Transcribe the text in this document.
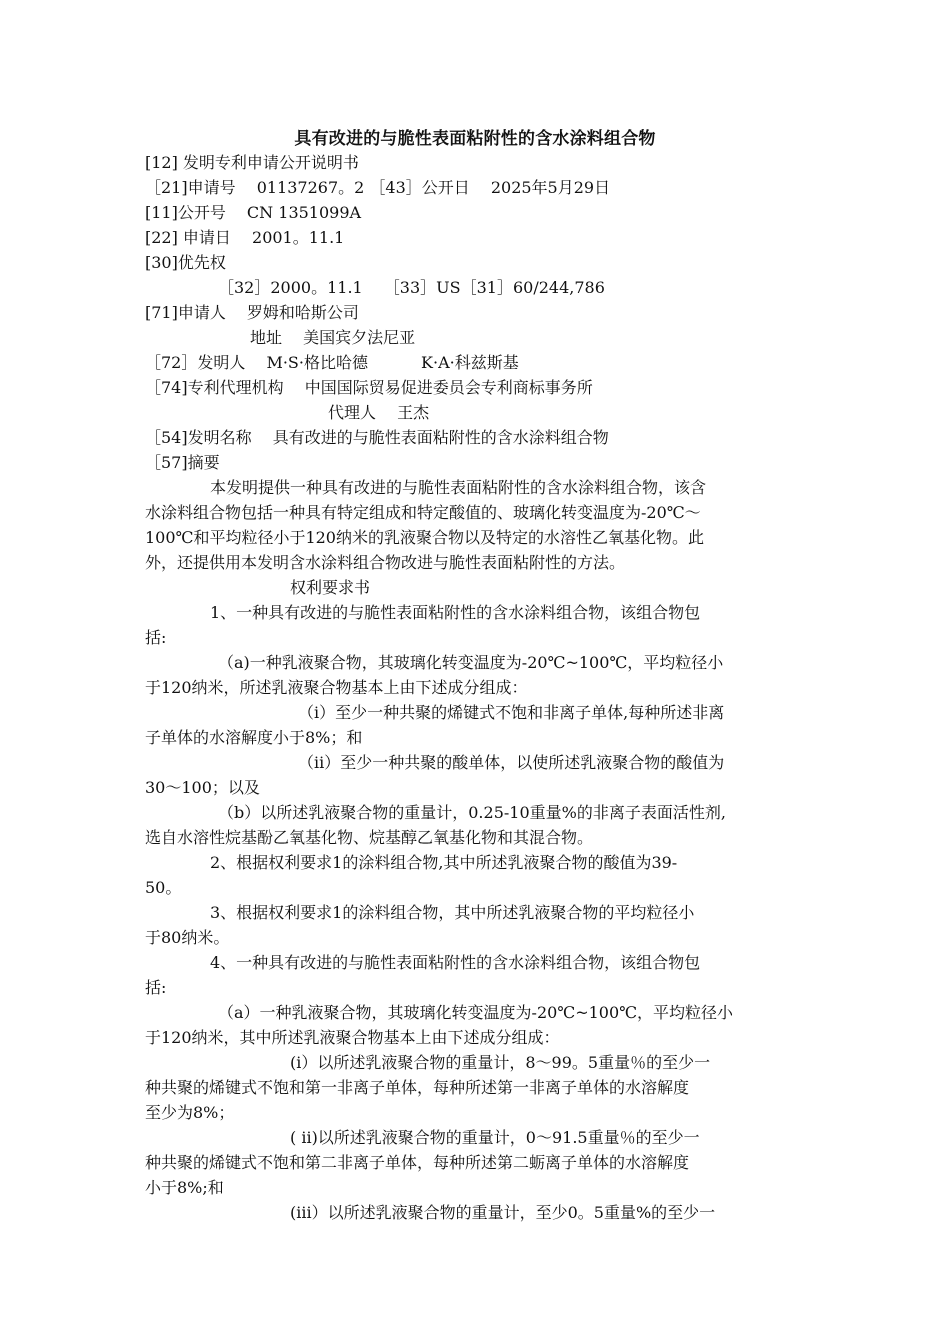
具有改进的与脆性表面粘附性的含水涂料组合物
[12] 发明专利申请公开说明书
［21]申请号　 01137267。2 ［43］公开日　 2025年5月29日
[11]公开号　 CN 1351099A
[22] 申请日　 2001。11.1
[30]优先权
［32］2000。11.1　 ［33］US［31］60/244,786
[71]申请人　 罗姆和哈斯公司
地址　 美国宾夕法尼亚
［72］发明人　 M·S·格比哈德　　　 K·A·科兹斯基
［74]专利代理机构　 中国国际贸易促进委员会专利商标事务所
代理人　 王杰
［54]发明名称　 具有改进的与脆性表面粘附性的含水涂料组合物
［57]摘要
本发明提供一种具有改进的与脆性表面粘附性的含水涂料组合物，该含
水涂料组合物包括一种具有特定组成和特定酸值的、玻璃化转变温度为-20℃～
100℃和平均粒径小于120纳米的乳液聚合物以及特定的水溶性乙氧基化物。此
外，还提供用本发明含水涂料组合物改进与脆性表面粘附性的方法。
权利要求书
1、一种具有改进的与脆性表面粘附性的含水涂料组合物，该组合物包
括:
（a)一种乳液聚合物，其玻璃化转变温度为-20℃~100℃，平均粒径小
于120纳米，所述乳液聚合物基本上由下述成分组成：
（i）至少一种共聚的烯键式不饱和非离子单体,每种所述非离
子单体的水溶解度小于8%；和
（ii）至少一种共聚的酸单体，以使所述乳液聚合物的酸值为
30～100；以及
（b）以所述乳液聚合物的重量计，0.25-10重量%的非离子表面活性剂,
选自水溶性烷基酚乙氧基化物、烷基醇乙氧基化物和其混合物。
2、根据权利要求1的涂料组合物,其中所述乳液聚合物的酸值为39-
50。
3、根据权利要求1的涂料组合物，其中所述乳液聚合物的平均粒径小
于80纳米。
4、一种具有改进的与脆性表面粘附性的含水涂料组合物，该组合物包
括:
（a）一种乳液聚合物，其玻璃化转变温度为-20℃~100℃，平均粒径小
于120纳米，其中所述乳液聚合物基本上由下述成分组成：
(i）以所述乳液聚合物的重量计，8～99。5重量％的至少一
种共聚的烯键式不饱和第一非离子单体，每种所述第一非离子单体的水溶解度
至少为8%；
( ii)以所述乳液聚合物的重量计，0～91.5重量％的至少一
种共聚的烯键式不饱和第二非离子单体，每种所述第二蛎离子单体的水溶解度
小于8%;和
(iii）以所述乳液聚合物的重量计，至少0。5重量%的至少一
